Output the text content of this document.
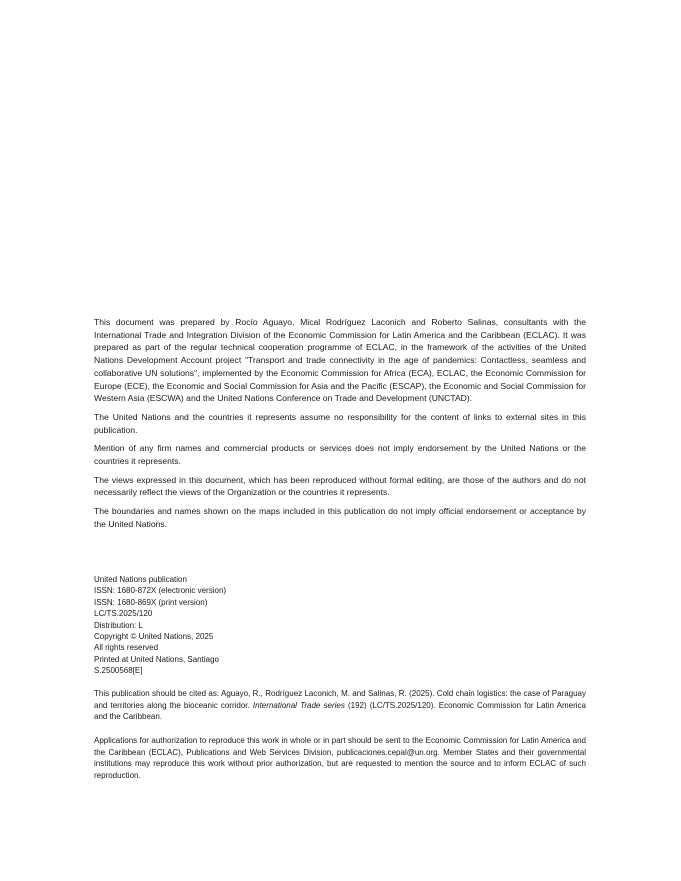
This document was prepared by Rocío Aguayo, Mical Rodríguez Laconich and Roberto Salinas, consultants with the International Trade and Integration Division of the Economic Commission for Latin America and the Caribbean (ECLAC). It was prepared as part of the regular technical cooperation programme of ECLAC, in the framework of the activities of the United Nations Development Account project "Transport and trade connectivity in the age of pandemics: Contactless, seamless and collaborative UN solutions", implemented by the Economic Commission for Africa (ECA), ECLAC, the Economic Commission for Europe (ECE), the Economic and Social Commission for Asia and the Pacific (ESCAP), the Economic and Social Commission for Western Asia (ESCWA) and the United Nations Conference on Trade and Development (UNCTAD).

The United Nations and the countries it represents assume no responsibility for the content of links to external sites in this publication.

Mention of any firm names and commercial products or services does not imply endorsement by the United Nations or the countries it represents.

The views expressed in this document, which has been reproduced without formal editing, are those of the authors and do not necessarily reflect the views of the Organization or the countries it represents.

The boundaries and names shown on the maps included in this publication do not imply official endorsement or acceptance by the United Nations.

United Nations publication
ISSN: 1680-872X (electronic version)
ISSN: 1680-869X (print version)
LC/TS.2025/120
Distribution: L
Copyright © United Nations, 2025
All rights reserved
Printed at United Nations, Santiago
S.2500568[E]

This publication should be cited as: Aguayo, R., Rodríguez Laconich, M. and Salinas, R. (2025). Cold chain logistics: the case of Paraguay and territories along the bioceanic corridor. International Trade series (192) (LC/TS.2025/120). Economic Commission for Latin America and the Caribbean.

Applications for authorization to reproduce this work in whole or in part should be sent to the Economic Commission for Latin America and the Caribbean (ECLAC), Publications and Web Services Division, publicaciones.cepal@un.org. Member States and their governmental institutions may reproduce this work without prior authorization, but are requested to mention the source and to inform ECLAC of such reproduction.
